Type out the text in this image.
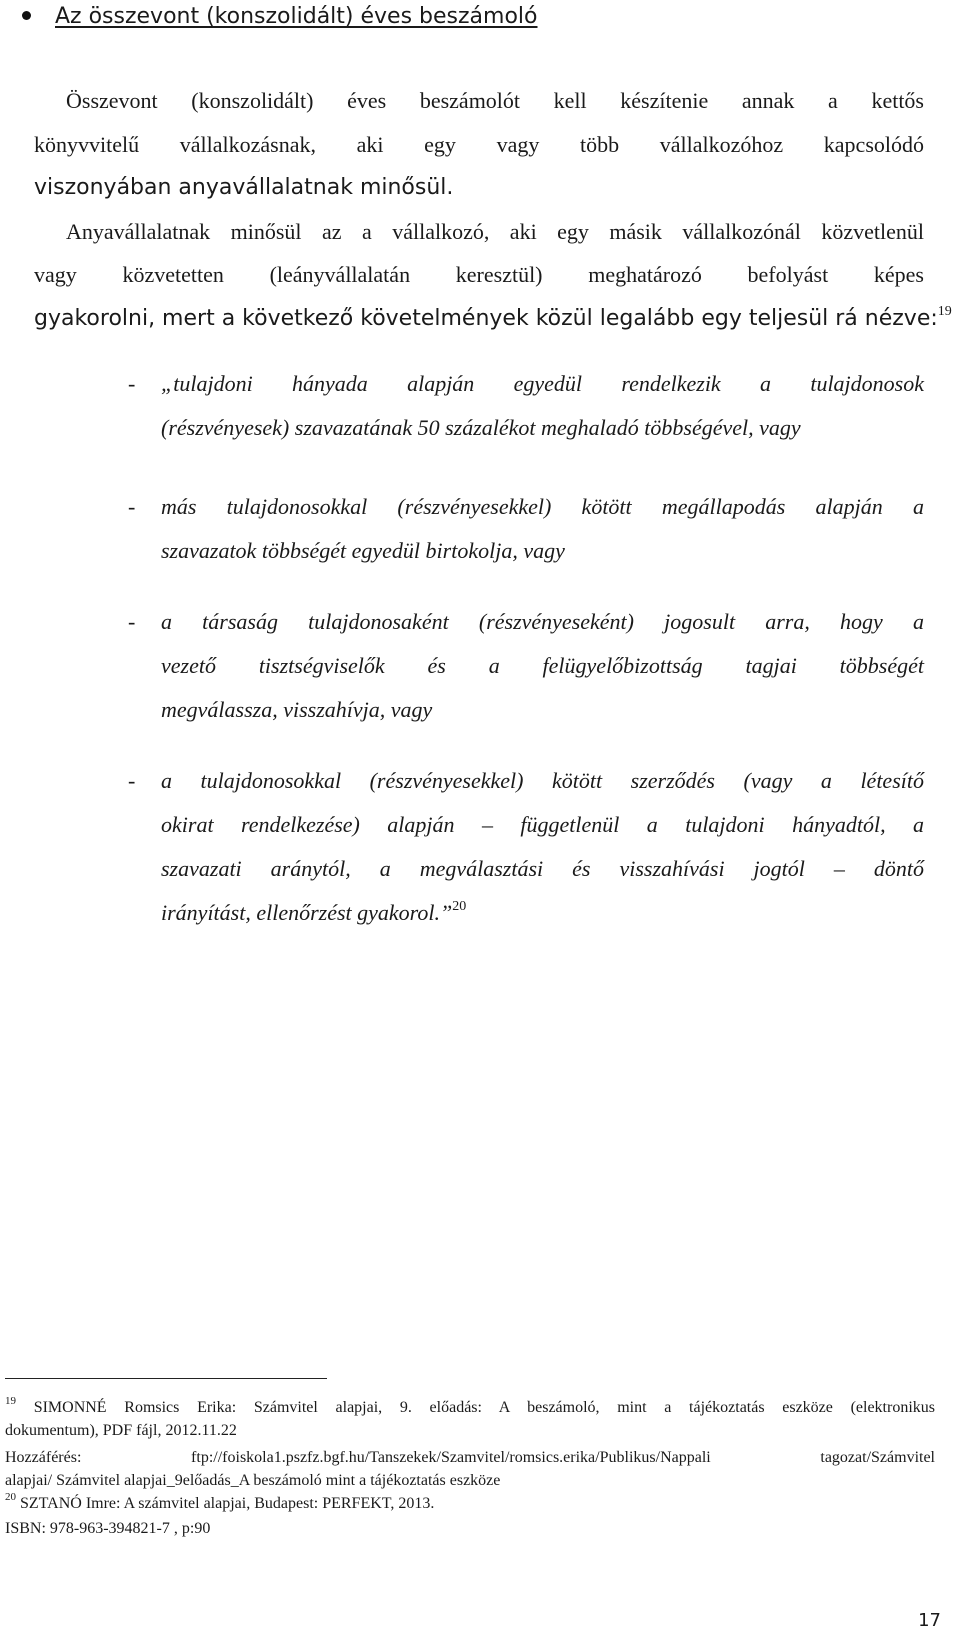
Az összevont (konszolidált) éves beszámoló
Összevont (konszolidált) éves beszámolót kell készítenie annak a kettős
könyvvitelű vállalkozásnak, aki egy vagy több vállalkozóhoz kapcsolódó
viszonyában anyavállalatnak minősül.
Anyavállalatnak minősül az a vállalkozó, aki egy másik vállalkozónál közvetlenül
vagy közvetetten (leányvállalatán keresztül) meghatározó befolyást képes
gyakorolni, mert a következő követelmények közül legalább egy teljesül rá nézve:$^{19}$
- „tulajdoni hányada alapján egyedül rendelkezik a tulajdonosok
(részvényesek) szavazatának 50 százalékot meghaladó többségével, vagy
- más tulajdonosokkal (részvényesekkel) kötött megállapodás alapján a
szavazatok többségét egyedül birtokolja, vagy
- a társaság tulajdonosaként (részvényeseként) jogosult arra, hogy a
vezető tisztségviselők és a felügyelőbizottság tagjai többségét
megválassza, visszahívja, vagy
- a tulajdonosokkal (részvényesekkel) kötött szerződés (vagy a létesítő
okirat rendelkezése) alapján – függetlenül a tulajdoni hányadtól, a
szavazati aránytól, a megválasztási és visszahívási jogtól – döntő
irányítást, ellenőrzést gyakorol.”$^{20}$
$^{19}$ SIMONNÉ Romsics Erika: Számvitel alapjai, 9. előadás: A beszámoló, mint a tájékoztatás eszköze (elektronikus
dokumentum), PDF fájl, 2012.11.22
Hozzáférés: ftp://foiskola1.pszfz.bgf.hu/Tanszekek/Szamvitel/romsics.erika/Publikus/Nappali tagozat/Számvitel
alapjai/ Számvitel alapjai_9előadás_A beszámoló mint a tájékoztatás eszköze
$^{20}$ SZTANÓ Imre: A számvitel alapjai, Budapest: PERFEKT, 2013.
ISBN: 978-963-394821-7 , p:90
17
